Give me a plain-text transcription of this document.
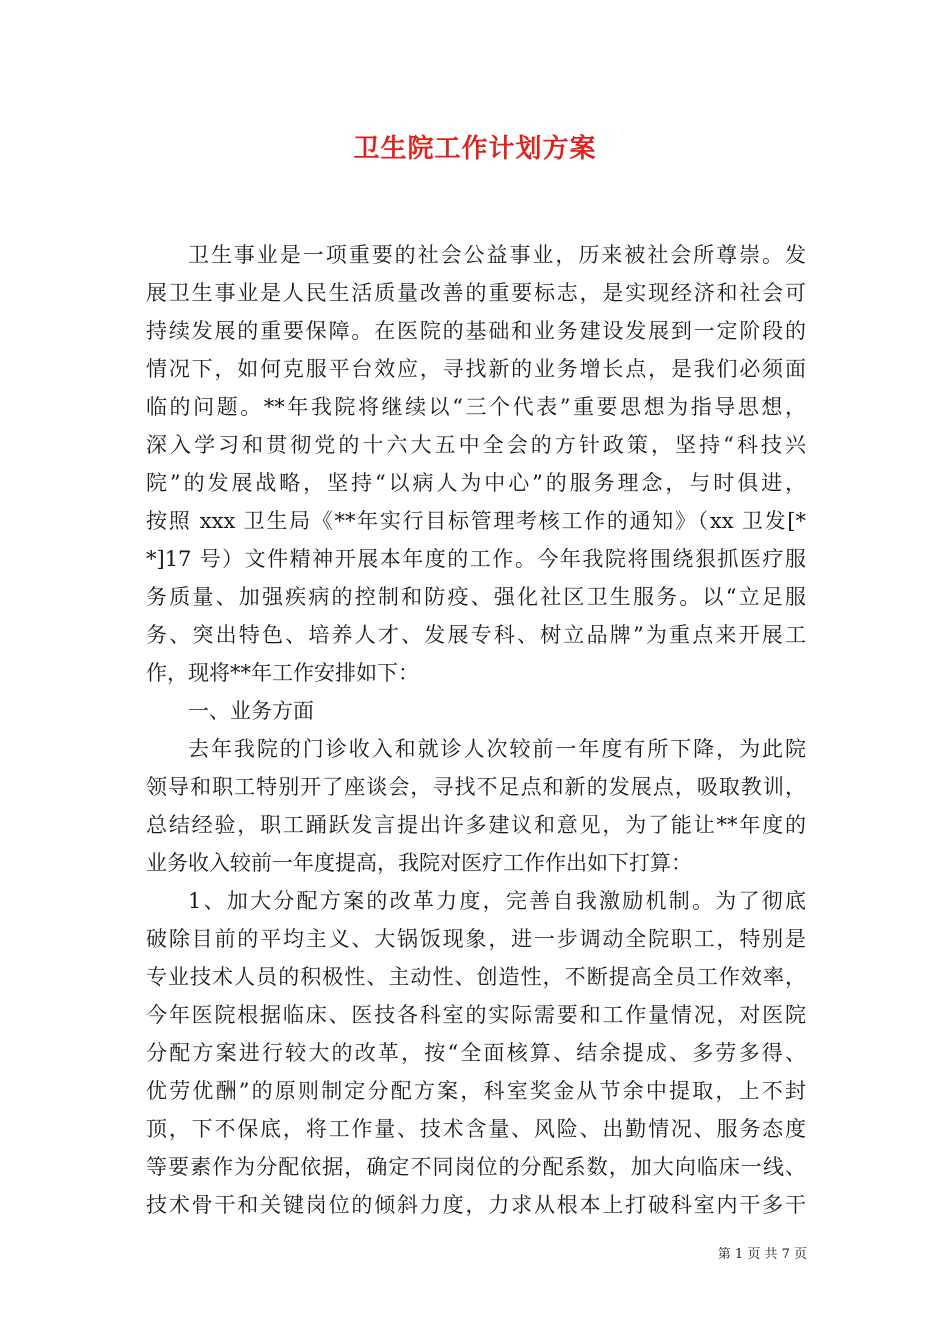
卫生院工作计划方案
卫生事业是一项重要的社会公益事业，历来被社会所尊崇。发
展卫生事业是人民生活质量改善的重要标志，是实现经济和社会可
持续发展的重要保障。在医院的基础和业务建设发展到一定阶段的
情况下，如何克服平台效应，寻找新的业务增长点，是我们必须面
临的问题。**年我院将继续以“三个代表”重要思想为指导思想，
深入学习和贯彻党的十六大五中全会的方针政策，坚持“科技兴
院”的发展战略，坚持“以病人为中心”的服务理念，与时俱进，
按照 xxx 卫生局《**年实行目标管理考核工作的通知》（xx 卫发[*
*]17 号）文件精神开展本年度的工作。今年我院将围绕狠抓医疗服
务质量、加强疾病的控制和防疫、强化社区卫生服务。以“立足服
务、突出特色、培养人才、发展专科、树立品牌”为重点来开展工
作，现将**年工作安排如下：
一、业务方面
去年我院的门诊收入和就诊人次较前一年度有所下降，为此院
领导和职工特别开了座谈会，寻找不足点和新的发展点，吸取教训，
总结经验，职工踊跃发言提出许多建议和意见，为了能让**年度的
业务收入较前一年度提高，我院对医疗工作作出如下打算：
1、加大分配方案的改革力度，完善自我激励机制。为了彻底
破除目前的平均主义、大锅饭现象，进一步调动全院职工，特别是
专业技术人员的积极性、主动性、创造性，不断提高全员工作效率，
今年医院根据临床、医技各科室的实际需要和工作量情况，对医院
分配方案进行较大的改革，按“全面核算、结余提成、多劳多得、
优劳优酬”的原则制定分配方案，科室奖金从节余中提取，上不封
顶，下不保底，将工作量、技术含量、风险、出勤情况、服务态度
等要素作为分配依据，确定不同岗位的分配系数，加大向临床一线、
技术骨干和关键岗位的倾斜力度，力求从根本上打破科室内干多干
第 1 页 共 7 页
